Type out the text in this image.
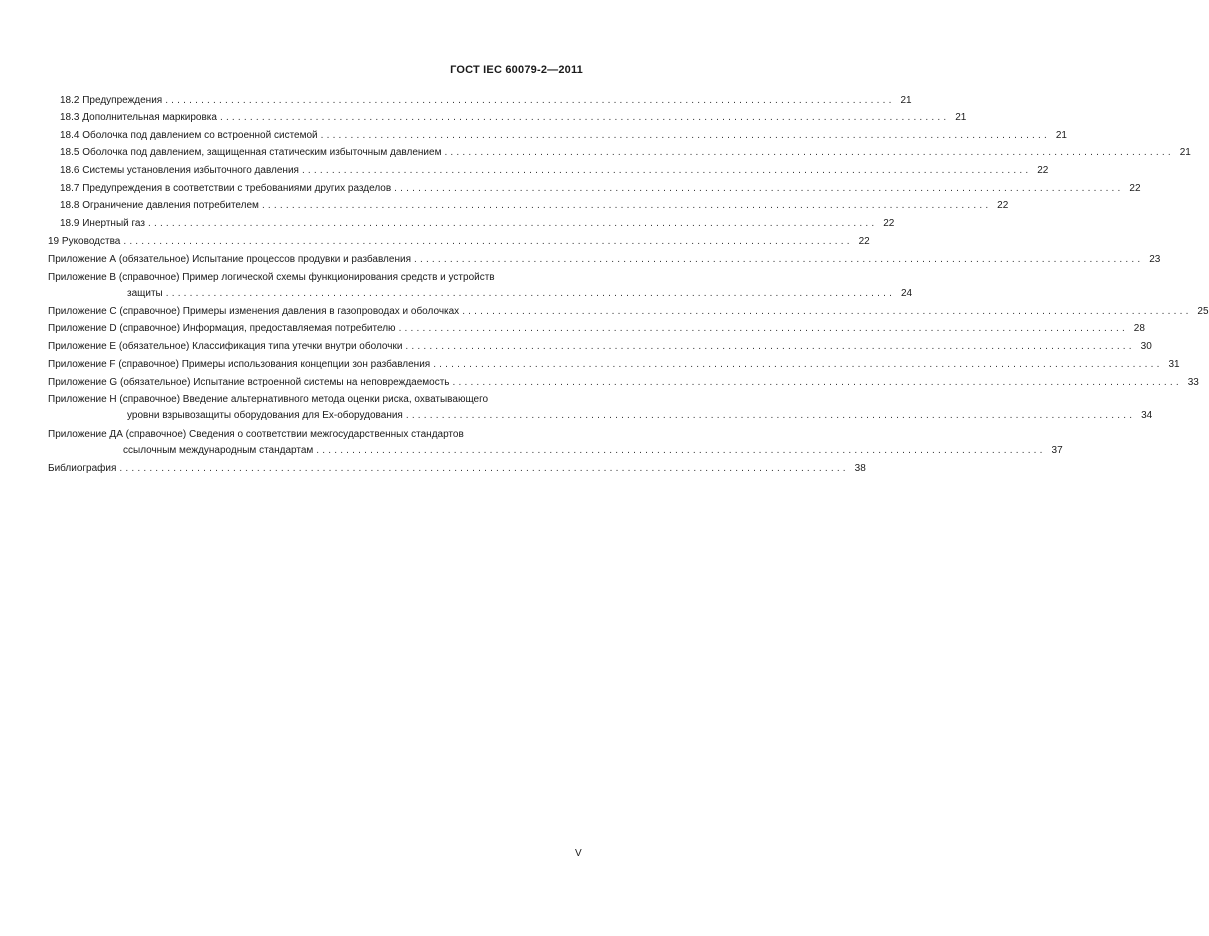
ГОСТ IEC 60079-2—2011
18.2 Предупреждения .......................................................................................................................... 21
18.3 Дополнительная маркировка .......................................................................................................................... 21
18.4 Оболочка под давлением со встроенной системой .......................................................................................................................... 21
18.5 Оболочка под давлением, защищенная статическим избыточным давлением .......................................................................................................................... 21
18.6 Системы установления избыточного давления .......................................................................................................................... 22
18.7 Предупреждения в соответствии с требованиями других разделов .......................................................................................................................... 22
18.8 Ограничение давления потребителем .......................................................................................................................... 22
18.9 Инертный газ .......................................................................................................................... 22
19 Руководства .......................................................................................................................... 22
Приложение А (обязательное) Испытание процессов продувки и разбавления .......................................................................................................................... 23
Приложение В (справочное) Пример логической схемы функционирования средств и устройств
защиты .......................................................................................................................... 24
Приложение С (справочное) Примеры изменения давления в газопроводах и оболочках .......................................................................................................................... 25
Приложение D (справочное) Информация, предоставляемая потребителю .......................................................................................................................... 28
Приложение Е (обязательное) Классификация типа утечки внутри оболочки .......................................................................................................................... 30
Приложение F (справочное) Примеры использования концепции зон разбавления .......................................................................................................................... 31
Приложение G (обязательное) Испытание встроенной системы на неповреждаемость .......................................................................................................................... 33
Приложение Н (справочное) Введение альтернативного метода оценки риска, охватывающего
уровни взрывозащиты оборудования для Ex-оборудования .......................................................................................................................... 34
Приложение ДА (справочное) Сведения о соответствии межгосударственных стандартов
ссылочным международным стандартам .......................................................................................................................... 37
Библиография .......................................................................................................................... 38
V
